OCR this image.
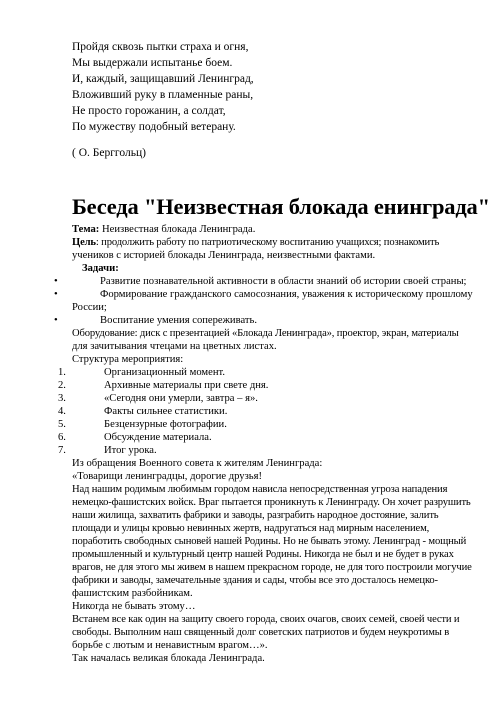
Пройдя сквозь пытки страха и огня,
Мы выдержали испытанье боем.
И, каждый, защищавший Ленинград,
Вложивший руку в пламенные раны,
Не просто горожанин, а солдат,
По мужеству подобный ветерану.
( О. Берггольц)
Беседа "Неизвестная блокада енинграда"
Тема: Неизвестная блокада Ленинграда.
Цель: продолжить работу по патриотическому воспитанию учащихся; познакомить
учеников с историей блокады Ленинграда, неизвестными фактами.
Задачи:
•	Развитие познавательной активности в области знаний об истории своей страны;
•	Формирование гражданского самосознания, уважения к историческому прошлому
России;
•	Воспитание умения сопереживать.
Оборудование: диск с презентацией «Блокада Ленинграда», проектор, экран, материалы
для зачитывания чтецами на цветных листах.
Структура мероприятия:
1.	Организационный момент.
2.	Архивные материалы при свете дня.
3.	«Сегодня они умерли, завтра – я».
4.	Факты сильнее статистики.
5.	Безцензурные фотографии.
6.	Обсуждение материала.
7.	Итог урока.
Из обращения Военного совета к жителям Ленинграда:
«Товарищи ленинградцы, дорогие друзья!
Над нашим родимым любимым городом нависла непосредственная угроза нападения
немецко-фашистских войск. Враг пытается проникнуть к Ленинграду. Он хочет разрушить
наши жилища, захватить фабрики и заводы, разграбить народное достояние, залить
площади и улицы кровью невинных жертв, надругаться над мирным населением,
поработить свободных сыновей нашей Родины. Но не бывать этому. Ленинград - мощный
промышленный и культурный центр нашей Родины. Никогда не был и не будет в руках
врагов, не для этого мы живем в нашем прекрасном городе, не для того построили могучие
фабрики и заводы, замечательные здания и сады, чтобы все это досталось немецко-
фашистским разбойникам.
Никогда не бывать этому…
Встанем все как один на защиту своего города, своих очагов, своих семей, своей чести и
свободы. Выполним наш священный долг советских патриотов и будем неукротимы в
борьбе с лютым и ненавистным врагом…».
Так началась великая блокада Ленинграда.
